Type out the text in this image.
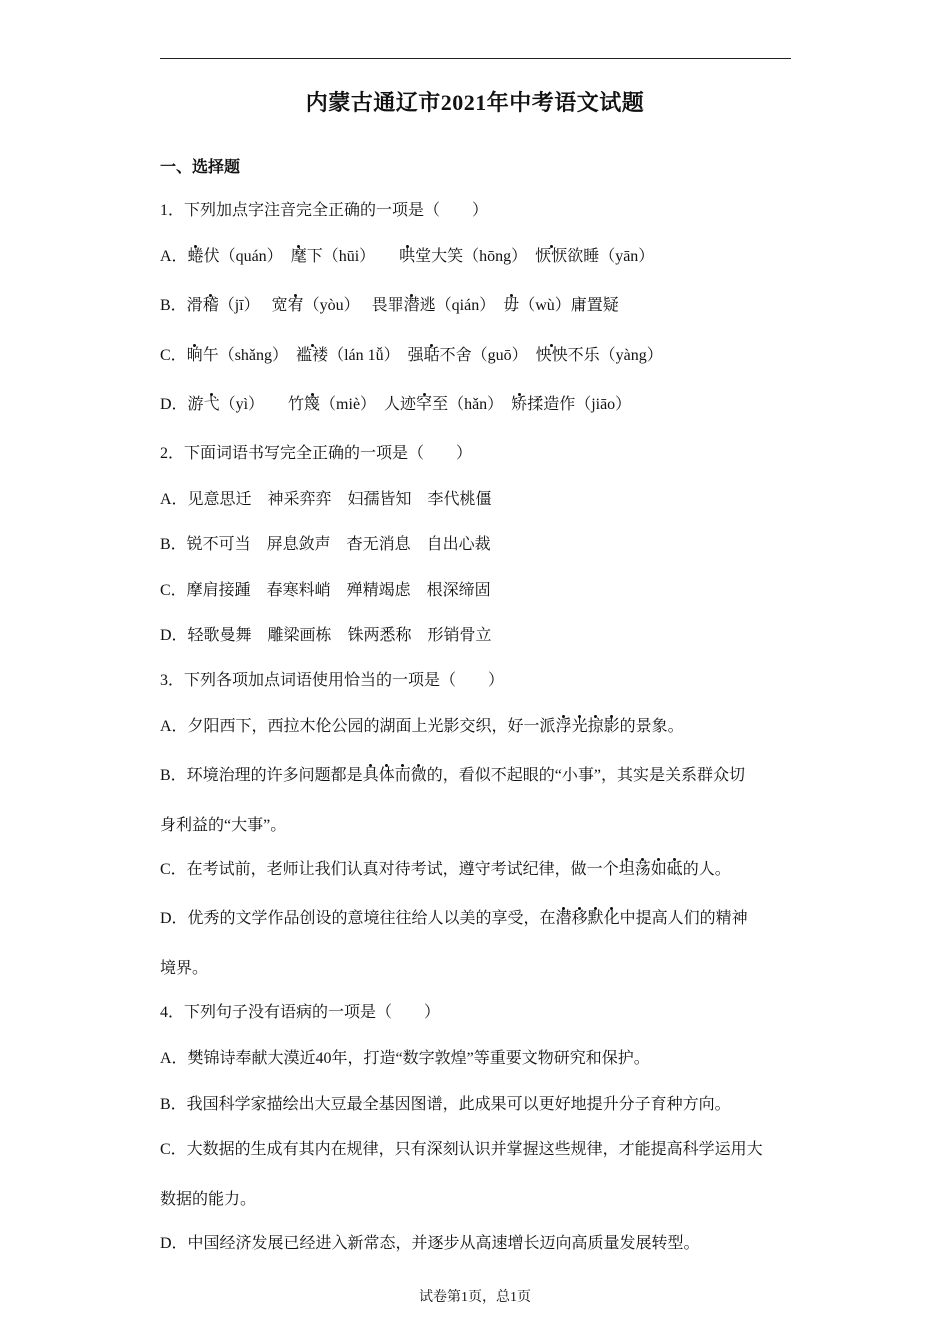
内蒙古通辽市2021年中考语文试题
一、选择题
1．下列加点字注音完全正确的一项是（　　）
A．蜷伏（quán）　麾下（hūi）　　哄堂大笑（hōng）　恹恹欲睡（yān）
B．滑稽（jī）　 宽宥（yòu）　 畏罪潜逃（qián）　毋（wù）庸置疑
C．晌午（shǎng）　褴褛（lán 1ǚ）　强聒不舍（guō）　怏怏不乐（yàng）
D．游弋（yì）　　竹篾（miè）　人迹罕至（hǎn）　矫揉造作（jiāo）
2．下面词语书写完全正确的一项是（　　）
A．见意思迁　神采弈弈　妇孺皆知　李代桃僵
B．锐不可当　屏息敛声　杳无消息　自出心裁
C．摩肩接踵　春寒料峭　殚精竭虑　根深缔固
D．轻歌曼舞　雕梁画栋　铢两悉称　形销骨立
3．下列各项加点词语使用恰当的一项是（　　）
A．夕阳西下，西拉木伦公园的湖面上光影交织，好一派浮光掠影的景象。
B．环境治理的许多问题都是具体而微的，看似不起眼的“小事”，其实是关系群众切
身利益的“大事”。
C．在考试前，老师让我们认真对待考试，遵守考试纪律，做一个坦荡如砥的人。
D．优秀的文学作品创设的意境往往给人以美的享受，在潜移默化中提高人们的精神
境界。
4．下列句子没有语病的一项是（　　）
A．樊锦诗奉献大漠近40年，打造“数字敦煌”等重要文物研究和保护。
B．我国科学家描绘出大豆最全基因图谱，此成果可以更好地提升分子育种方向。
C．大数据的生成有其内在规律，只有深刻认识并掌握这些规律，才能提高科学运用大
数据的能力。
D．中国经济发展已经进入新常态，并逐步从高速增长迈向高质量发展转型。
试卷第1页，总1页
